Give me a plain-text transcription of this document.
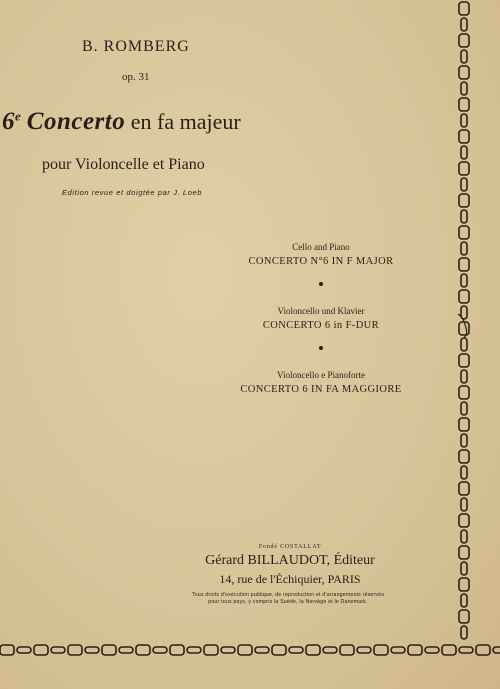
B. ROMBERG
op. 31
6e Concerto en fa majeur
pour Violoncelle et Piano
Edition revue et doigtée par J. Loeb
Cello and Piano
CONCERTO N°6 IN F MAJOR
Violoncello und Klavier
CONCERTO 6 in F-DUR
Violoncello e Pianoforte
CONCERTO 6 IN FA MAGGIORE
Fondé COSTALLAT
Gérard BILLAUDOT, Éditeur
14, rue de l'Échiquier, PARIS
Tous droits d'exécution publique, de reproduction et d'arrangements réservés
pour tous pays, y compris la Suède, la Norvège et le Danemark.
